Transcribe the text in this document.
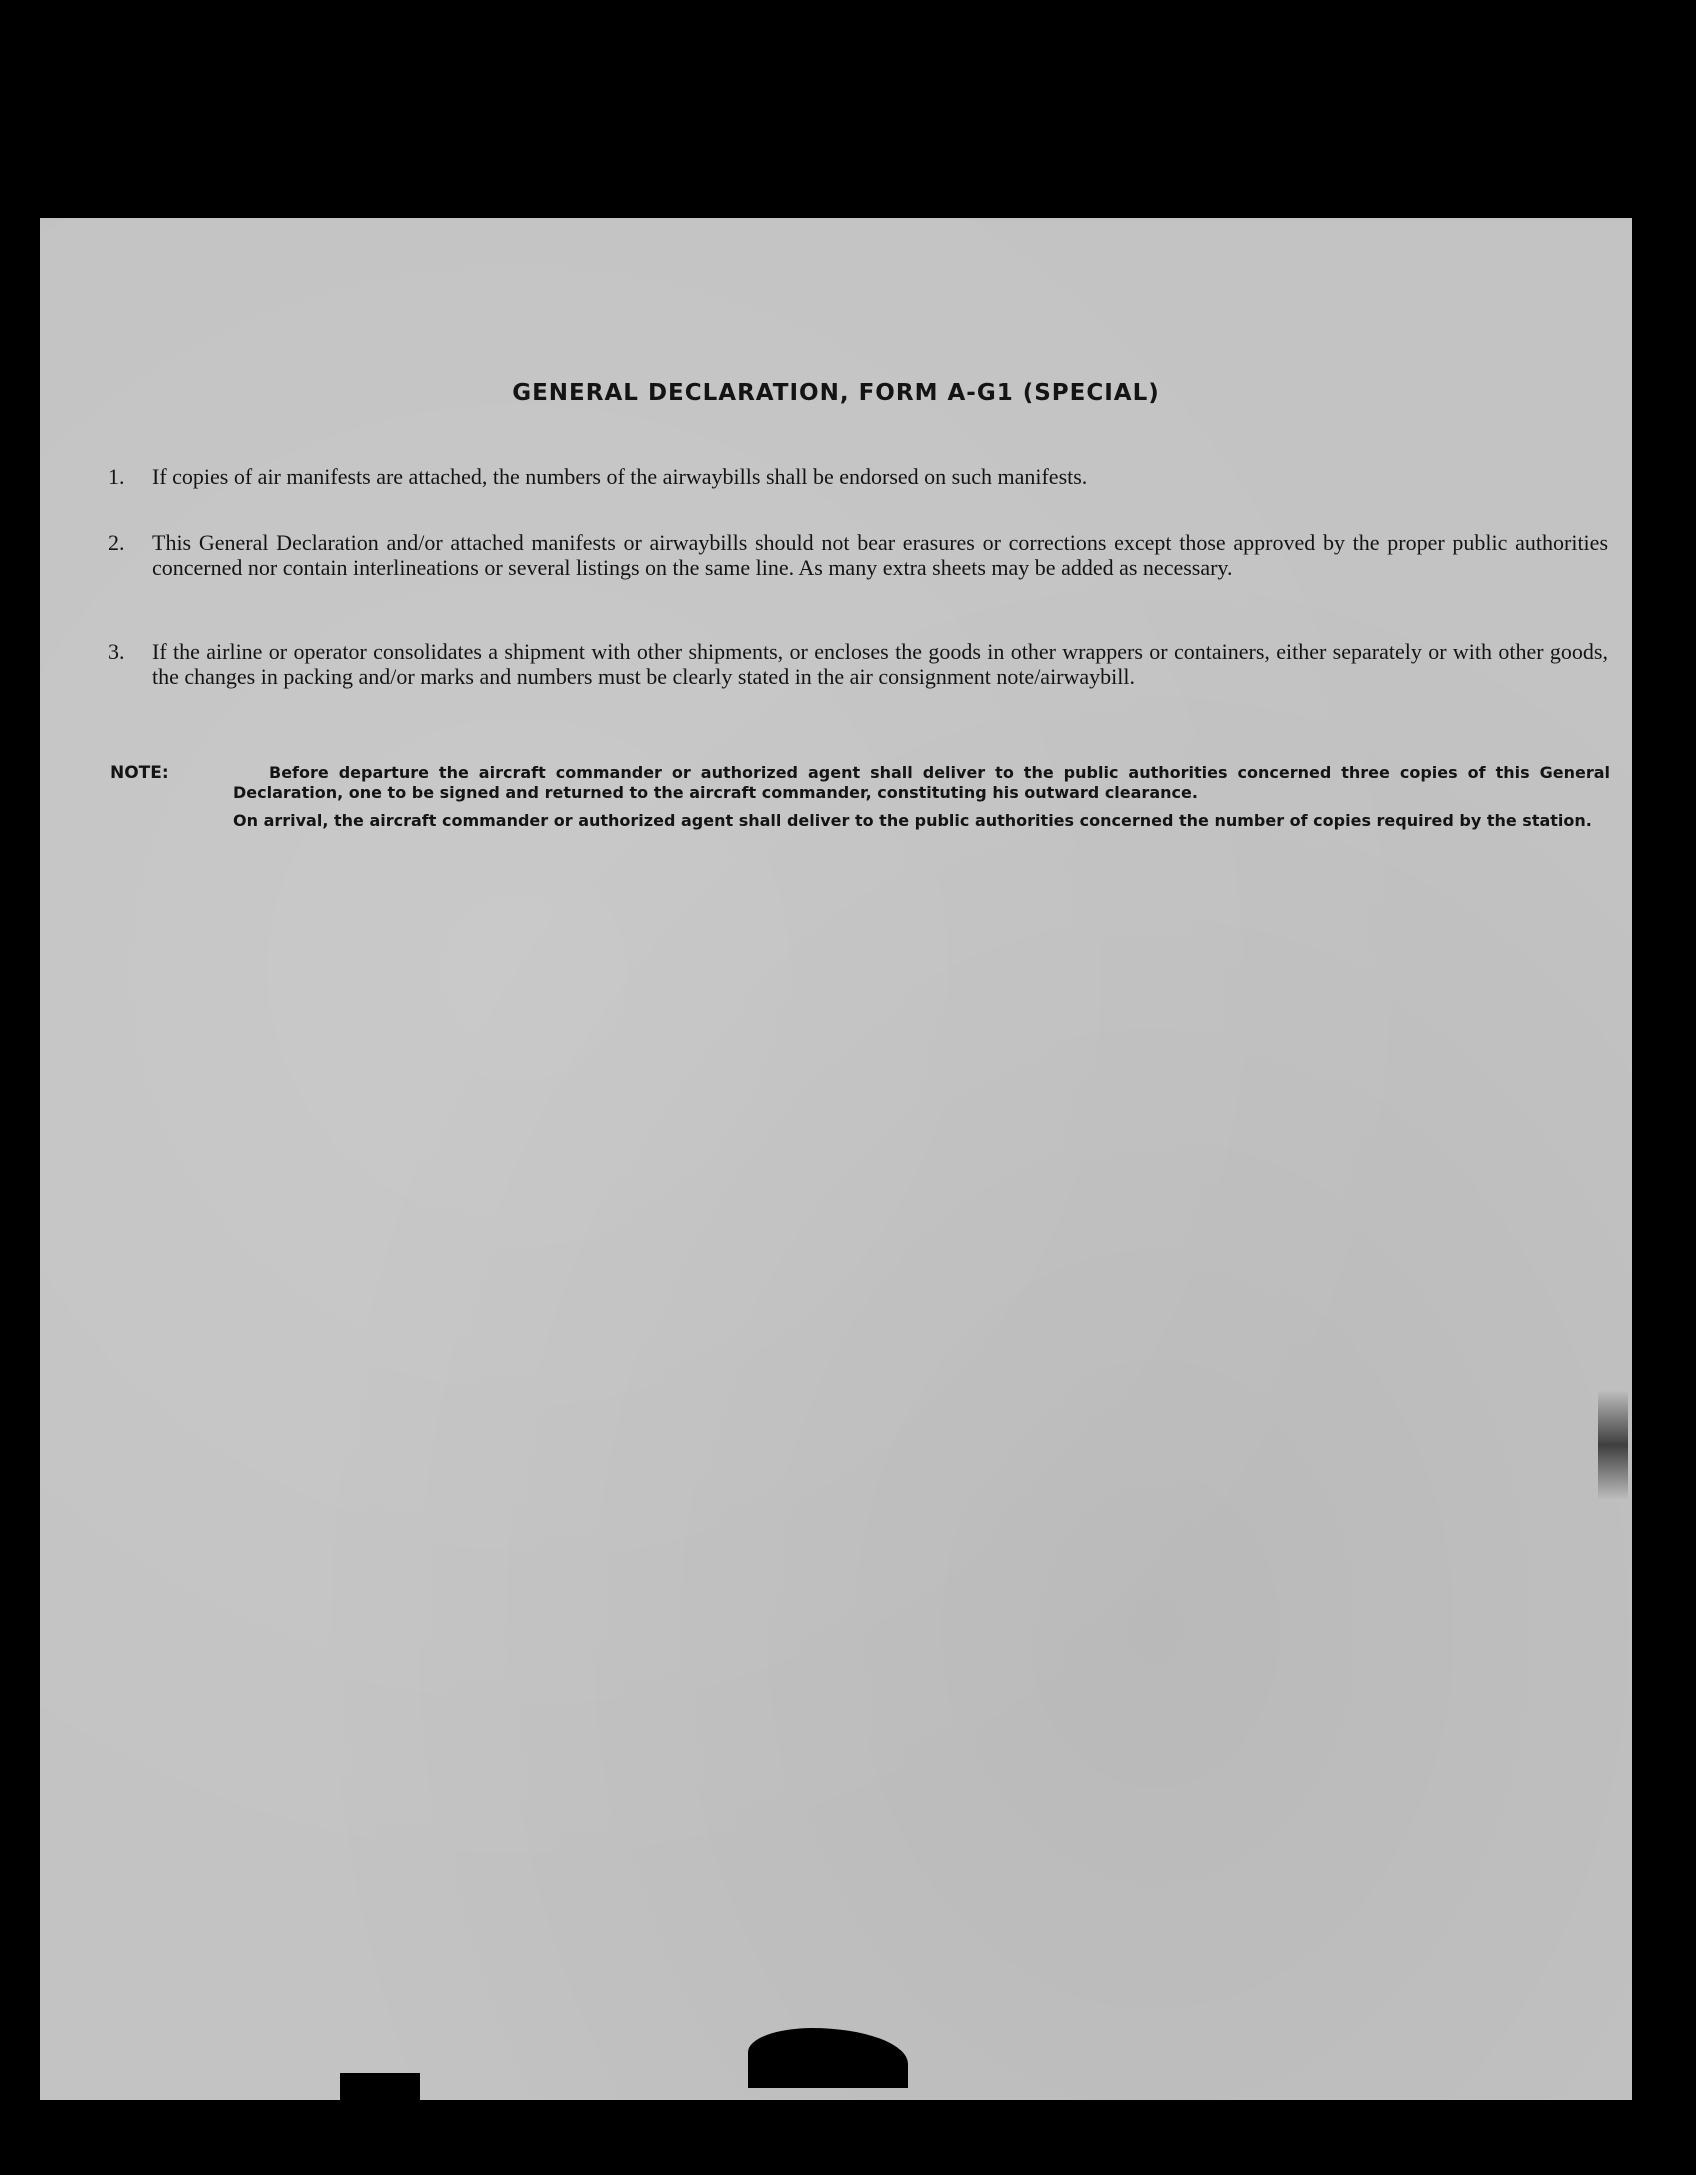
GENERAL DECLARATION, FORM A-G1 (SPECIAL)
1.	If copies of air manifests are attached, the numbers of the airwaybills shall be endorsed on such manifests.
2.	This General Declaration and/or attached manifests or airwaybills should not bear erasures or corrections except those approved by the proper public authorities concerned nor contain interlineations or several listings on the same line. As many extra sheets may be added as necessary.
3.	If the airline or operator consolidates a shipment with other shipments, or encloses the goods in other wrappers or containers, either separately or with other goods, the changes in packing and/or marks and numbers must be clearly stated in the air consignment note/airwaybill.
NOTE:	Before departure the aircraft commander or authorized agent shall deliver to the public authorities concerned three copies of this General Declaration, one to be signed and returned to the aircraft commander, constituting his outward clearance.
On arrival, the aircraft commander or authorized agent shall deliver to the public authorities concerned the number of copies required by the station.
